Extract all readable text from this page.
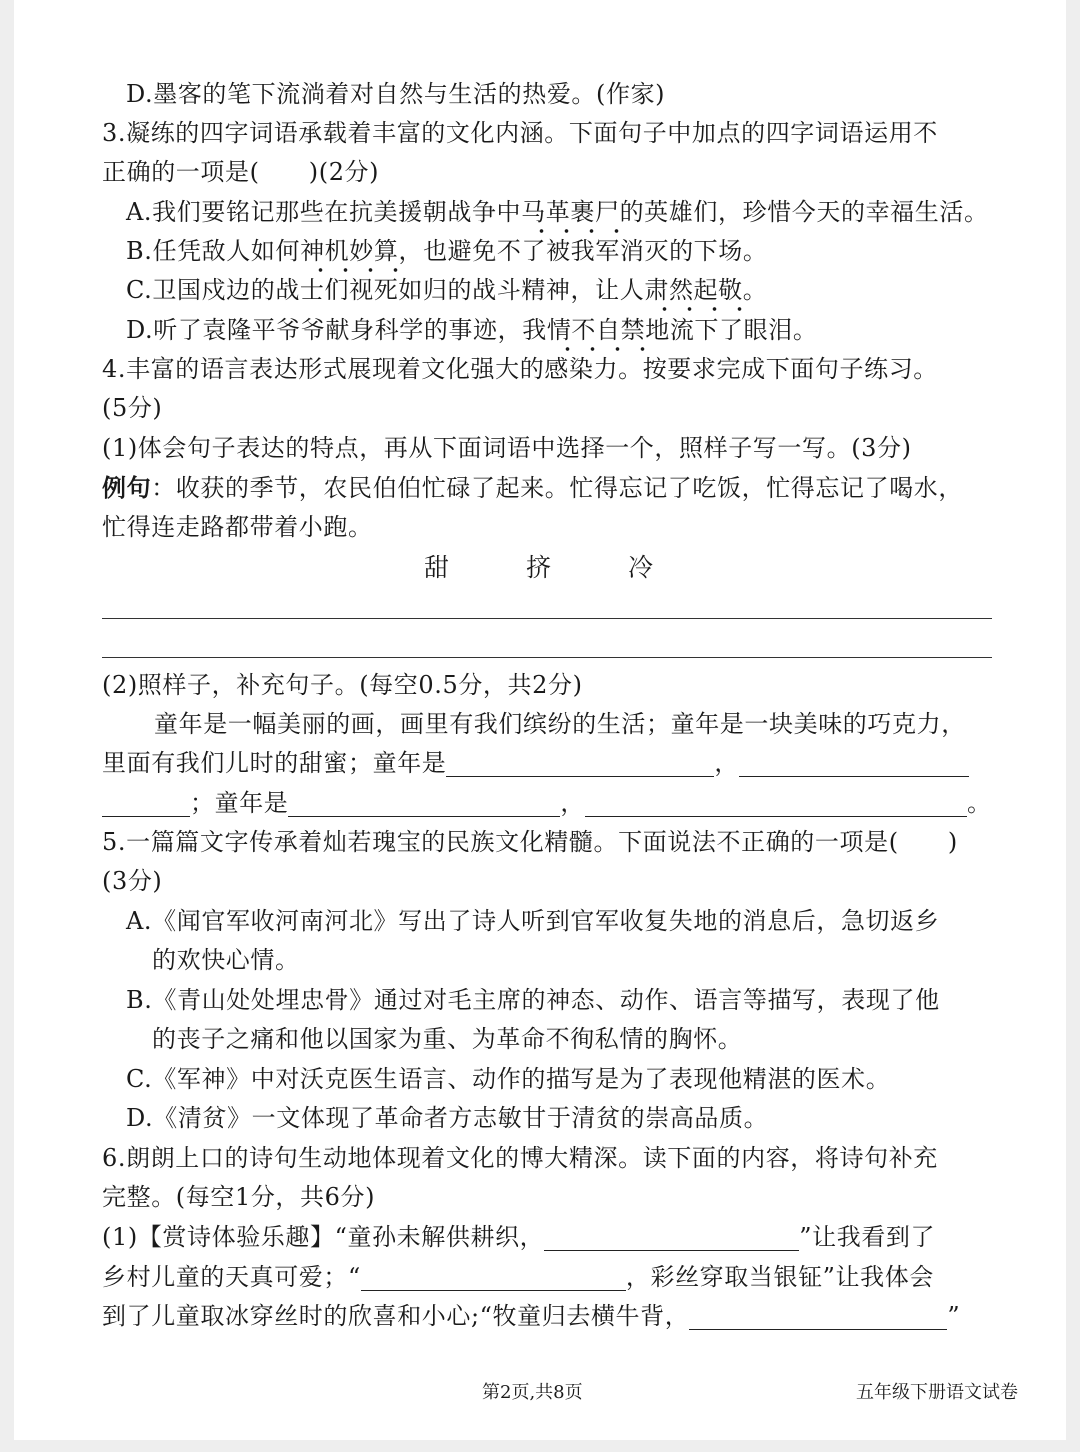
D.墨客的笔下流淌着对自然与生活的热爱。(作家)
3.凝练的四字词语承载着丰富的文化内涵。下面句子中加点的四字词语运用不
正确的一项是(　　)(2分)
A.我们要铭记那些在抗美援朝战争中马革裹尸的英雄们，珍惜今天的幸福生活。
B.任凭敌人如何神机妙算，也避免不了被我军消灭的下场。
C.卫国戍边的战士们视死如归的战斗精神，让人肃然起敬。
D.听了袁隆平爷爷献身科学的事迹，我情不自禁地流下了眼泪。
4.丰富的语言表达形式展现着文化强大的感染力。按要求完成下面句子练习。
(5分)
(1)体会句子表达的特点，再从下面词语中选择一个，照样子写一写。(3分)
例句：收获的季节，农民伯伯忙碌了起来。忙得忘记了吃饭，忙得忘记了喝水，
忙得连走路都带着小跑。
甜	挤	冷
(2)照样子，补充句子。(每空0.5分，共2分)
童年是一幅美丽的画，画里有我们缤纷的生活；童年是一块美味的巧克力，
里面有我们儿时的甜蜜；童年是	，
；童年是	，	。
5.一篇篇文字传承着灿若瑰宝的民族文化精髓。下面说法不正确的一项是(　　)
(3分)
A.《闻官军收河南河北》写出了诗人听到官军收复失地的消息后，急切返乡
的欢快心情。
B.《青山处处埋忠骨》通过对毛主席的神态、动作、语言等描写，表现了他
的丧子之痛和他以国家为重、为革命不徇私情的胸怀。
C.《军神》中对沃克医生语言、动作的描写是为了表现他精湛的医术。
D.《清贫》一文体现了革命者方志敏甘于清贫的崇高品质。
6.朗朗上口的诗句生动地体现着文化的博大精深。读下面的内容，将诗句补充
完整。(每空1分，共6分)
(1)【赏诗体验乐趣】“童孙未解供耕织，	”让我看到了
乡村儿童的天真可爱；“	，彩丝穿取当银钲”让我体会
到了儿童取冰穿丝时的欣喜和小心;“牧童归去横牛背，	”
第2页,共8页	五年级下册语文试卷
